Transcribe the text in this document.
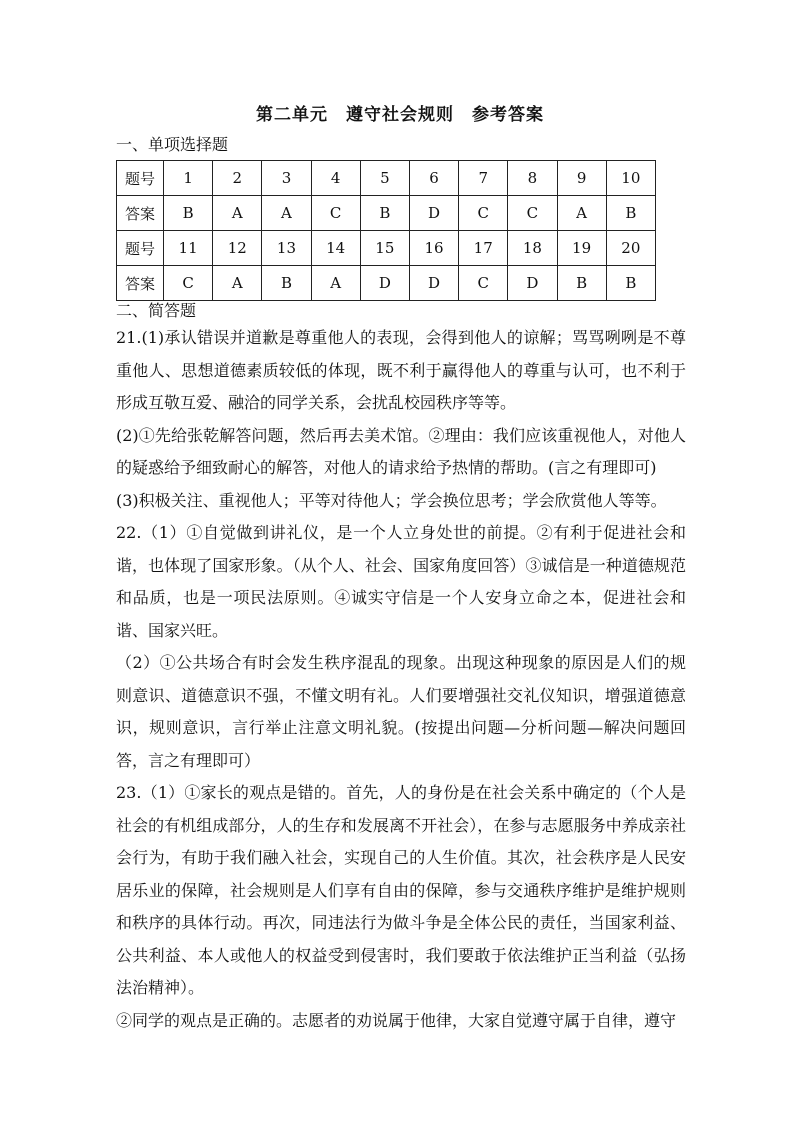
第二单元　遵守社会规则　参考答案
一、单项选择题
题号	1	2	3	4	5	6	7	8	9	10
答案	B	A	A	C	B	D	C	C	A	B
题号	11	12	13	14	15	16	17	18	19	20
答案	C	A	B	A	D	D	C	D	B	B
二、简答题

21.(1)承认错误并道歉是尊重他人的表现，会得到他人的谅解；骂骂咧咧是不尊重他人、思想道德素质较低的体现，既不利于赢得他人的尊重与认可，也不利于形成互敬互爱、融洽的同学关系，会扰乱校园秩序等等。

(2)①先给张乾解答问题，然后再去美术馆。②理由：我们应该重视他人，对他人的疑惑给予细致耐心的解答，对他人的请求给予热情的帮助。(言之有理即可)

(3)积极关注、重视他人；平等对待他人；学会换位思考；学会欣赏他人等等。

22.（1）①自觉做到讲礼仪，是一个人立身处世的前提。②有利于促进社会和谐，也体现了国家形象。（从个人、社会、国家角度回答）③诚信是一种道德规范和品质，也是一项民法原则。④诚实守信是一个人安身立命之本，促进社会和谐、国家兴旺。

（2）①公共场合有时会发生秩序混乱的现象。出现这种现象的原因是人们的规则意识、道德意识不强，不懂文明有礼。人们要增强社交礼仪知识，增强道德意识，规则意识，言行举止注意文明礼貌。(按提出问题—分析问题—解决问题回答，言之有理即可）

23.（1）①家长的观点是错的。首先，人的身份是在社会关系中确定的（个人是社会的有机组成部分，人的生存和发展离不开社会），在参与志愿服务中养成亲社会行为，有助于我们融入社会，实现自己的人生价值。其次，社会秩序是人民安居乐业的保障，社会规则是人们享有自由的保障，参与交通秩序维护是维护规则和秩序的具体行动。再次，同违法行为做斗争是全体公民的责任，当国家利益、公共利益、本人或他人的权益受到侵害时，我们要敢于依法维护正当利益（弘扬法治精神）。

②同学的观点是正确的。志愿者的劝说属于他律，大家自觉遵守属于自律，遵守
